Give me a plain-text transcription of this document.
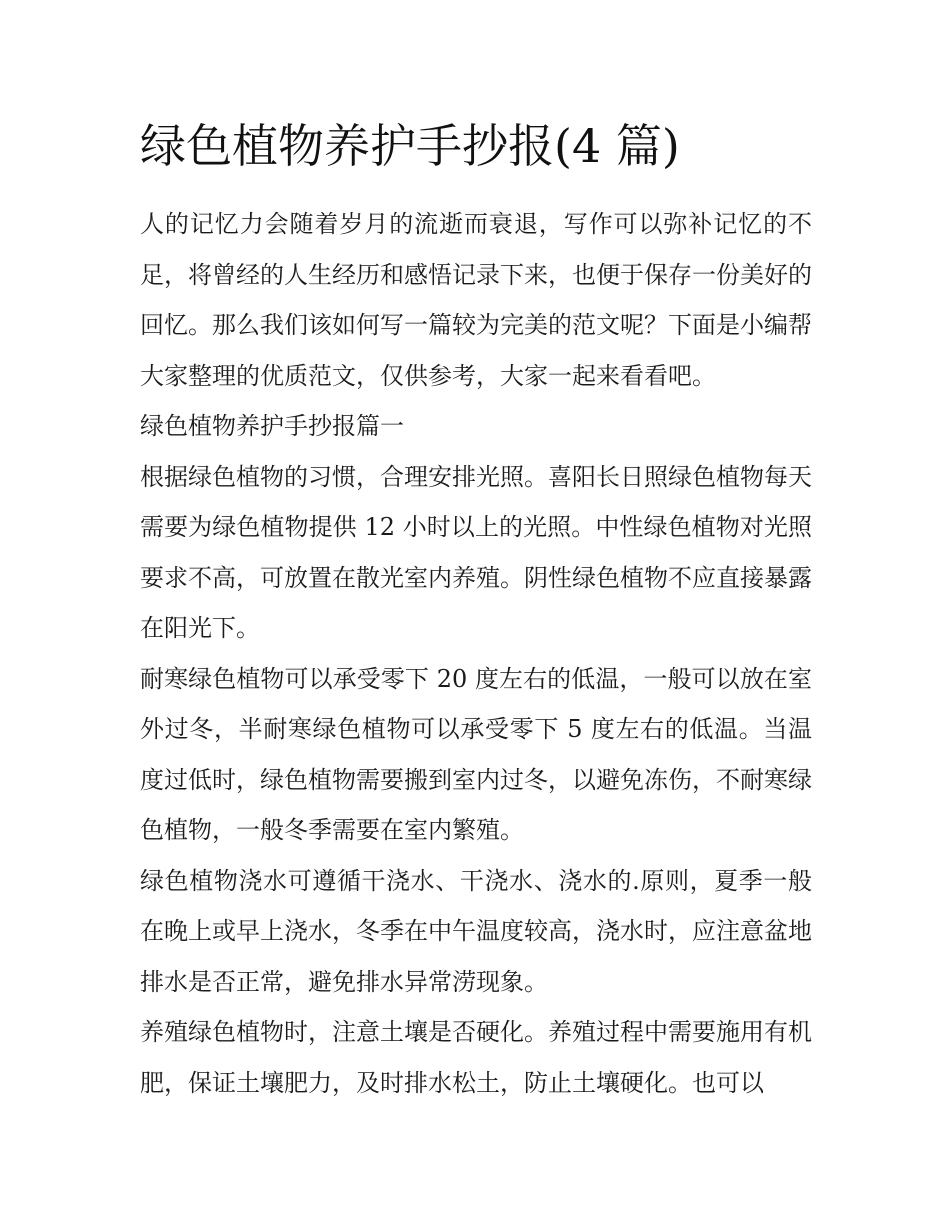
绿色植物养护手抄报(4 篇)

人的记忆力会随着岁月的流逝而衰退，写作可以弥补记忆的不足，将曾经的人生经历和感悟记录下来，也便于保存一份美好的回忆。那么我们该如何写一篇较为完美的范文呢？下面是小编帮大家整理的优质范文，仅供参考，大家一起来看看吧。

绿色植物养护手抄报篇一

根据绿色植物的习惯，合理安排光照。喜阳长日照绿色植物每天需要为绿色植物提供 12 小时以上的光照。中性绿色植物对光照要求不高，可放置在散光室内养殖。阴性绿色植物不应直接暴露在阳光下。

耐寒绿色植物可以承受零下 20 度左右的低温，一般可以放在室外过冬，半耐寒绿色植物可以承受零下 5 度左右的低温。当温度过低时，绿色植物需要搬到室内过冬，以避免冻伤，不耐寒绿色植物，一般冬季需要在室内繁殖。

绿色植物浇水可遵循干浇水、干浇水、浇水的.原则，夏季一般在晚上或早上浇水，冬季在中午温度较高，浇水时，应注意盆地排水是否正常，避免排水异常涝现象。

养殖绿色植物时，注意土壤是否硬化。养殖过程中需要施用有机肥，保证土壤肥力，及时排水松土，防止土壤硬化。也可以
